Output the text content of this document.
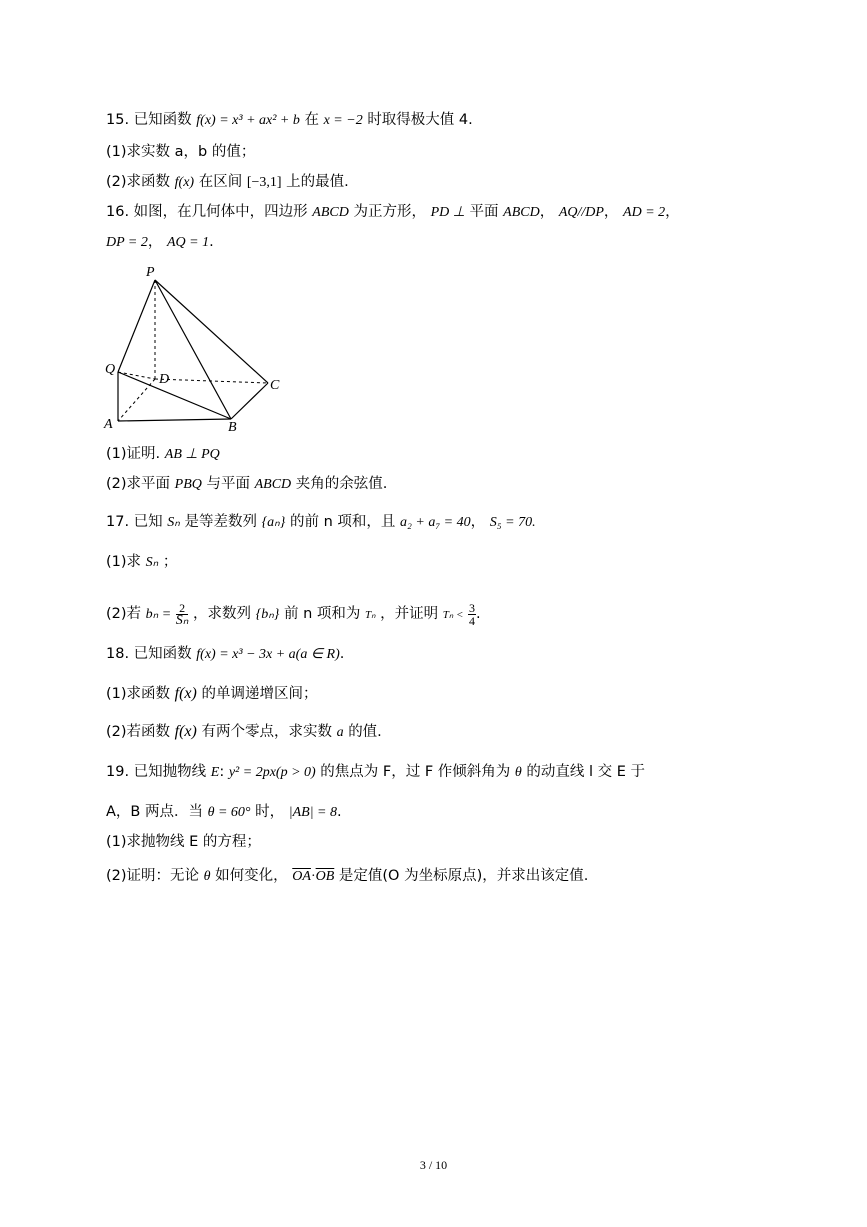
15. 已知函数 f(x) = x³ + ax² + b 在 x = −2 时取得极大值 4.
(1)求实数 a，b 的值；
(2)求函数 f(x) 在区间 [−3,1] 上的最值.
16. 如图，在几何体中，四边形 ABCD 为正方形， PD ⊥ 平面 ABCD， AQ//DP， AD = 2，
DP = 2， AQ = 1.
P
Q
D	C
A	B
(1)证明. AB ⊥ PQ
(2)求平面 PBQ 与平面 ABCD 夹角的余弦值.
17. 已知 Sₙ 是等差数列 {aₙ} 的前 n 项和，且 a₂ + a₇ = 40， S₅ = 70.
(1)求 Sₙ ；
(2)若 $b_n = \frac{2}{\text{Sₙ}}$ ，求数列 {bₙ} 前 n 项和为 Tₙ ，并证明 $T_n < \frac{3}{4}$ .
18. 已知函数 f(x) = x³ − 3x + a(a ∈ R).
(1)求函数 f(x) 的单调递增区间；
(2)若函数 f(x) 有两个零点，求实数 a 的值.
19. 已知抛物线 E: y² = 2px(p > 0) 的焦点为 F，过 F 作倾斜角为 θ 的动直线 l 交 E 于
A，B 两点．当 θ = 60° 时， |AB| = 8.
(1)求抛物线 E 的方程；
(2)证明：无论 θ 如何变化， $\overline{OA}\cdot\overline{OB}$ 是定值(O 为坐标原点)，并求出该定值.
3 / 10
